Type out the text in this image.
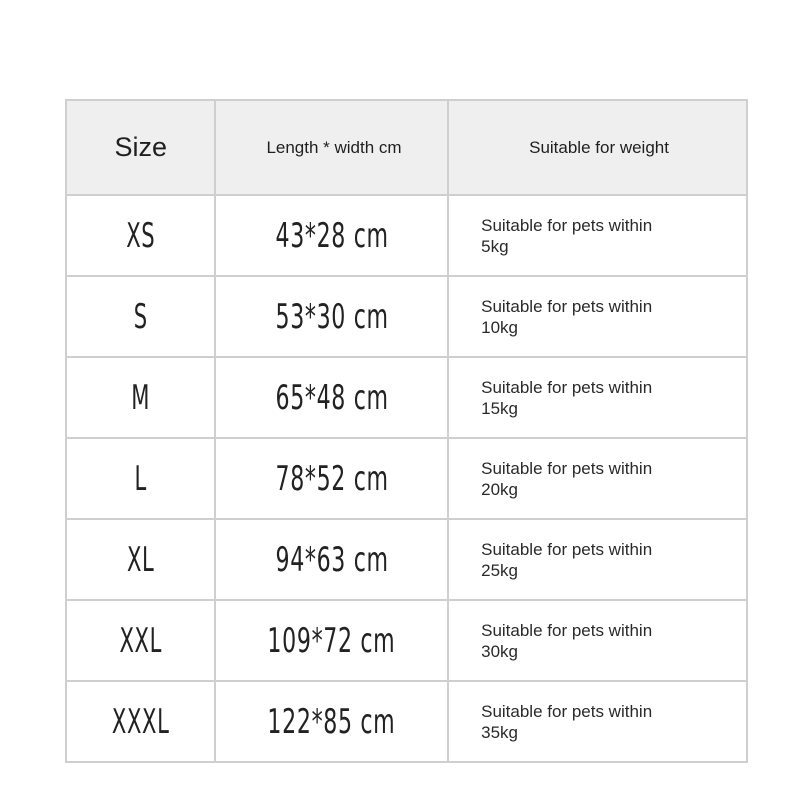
Size	Length * width cm	Suitable for weight
XS	43*28 cm	Suitable for pets within 5kg

S	53*30 cm	Suitable for pets within 10kg

M	65*48 cm	Suitable for pets within 15kg

L	78*52 cm	Suitable for pets within 20kg

XL	94*63 cm	Suitable for pets within 25kg

XXL	109*72 cm	Suitable for pets within 30kg

XXXL	122*85 cm	Suitable for pets within 35kg
